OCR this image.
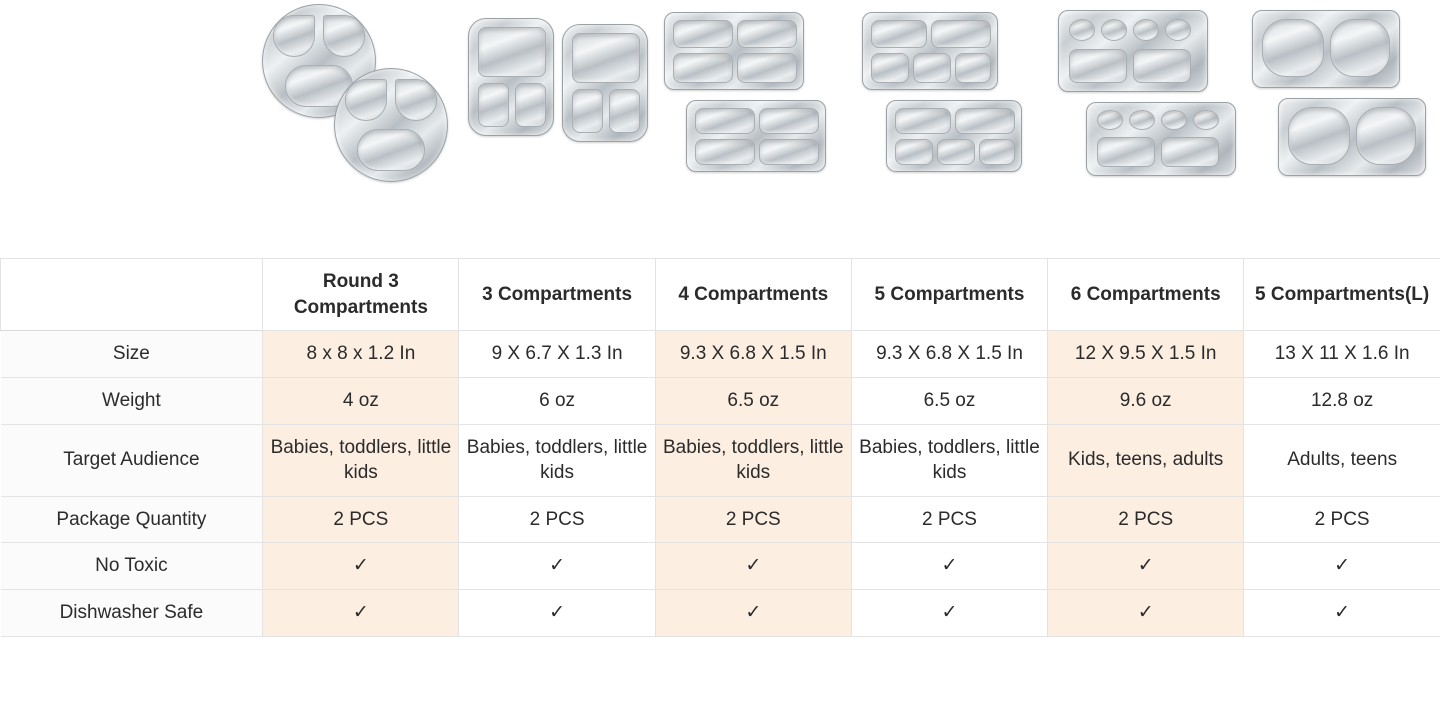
	Round 3 Compartments	3 Compartments	4 Compartments	5 Compartments	6 Compartments	5 Compartments(L)
Size	8 x 8 x 1.2 In	9 X 6.7 X 1.3 In	9.3 X 6.8 X 1.5 In	9.3 X 6.8 X 1.5 In	12 X 9.5 X 1.5 In	13 X 11 X 1.6 In
Weight	4 oz	6 oz	6.5 oz	6.5 oz	9.6 oz	12.8 oz
Target Audience	Babies, toddlers, little kids	Babies, toddlers, little kids	Babies, toddlers, little kids	Babies, toddlers, little kids	Kids, teens, adults	Adults, teens
Package Quantity	2 PCS	2 PCS	2 PCS	2 PCS	2 PCS	2 PCS
No Toxic	✓	✓	✓	✓	✓	✓
Dishwasher Safe	✓	✓	✓	✓	✓	✓
